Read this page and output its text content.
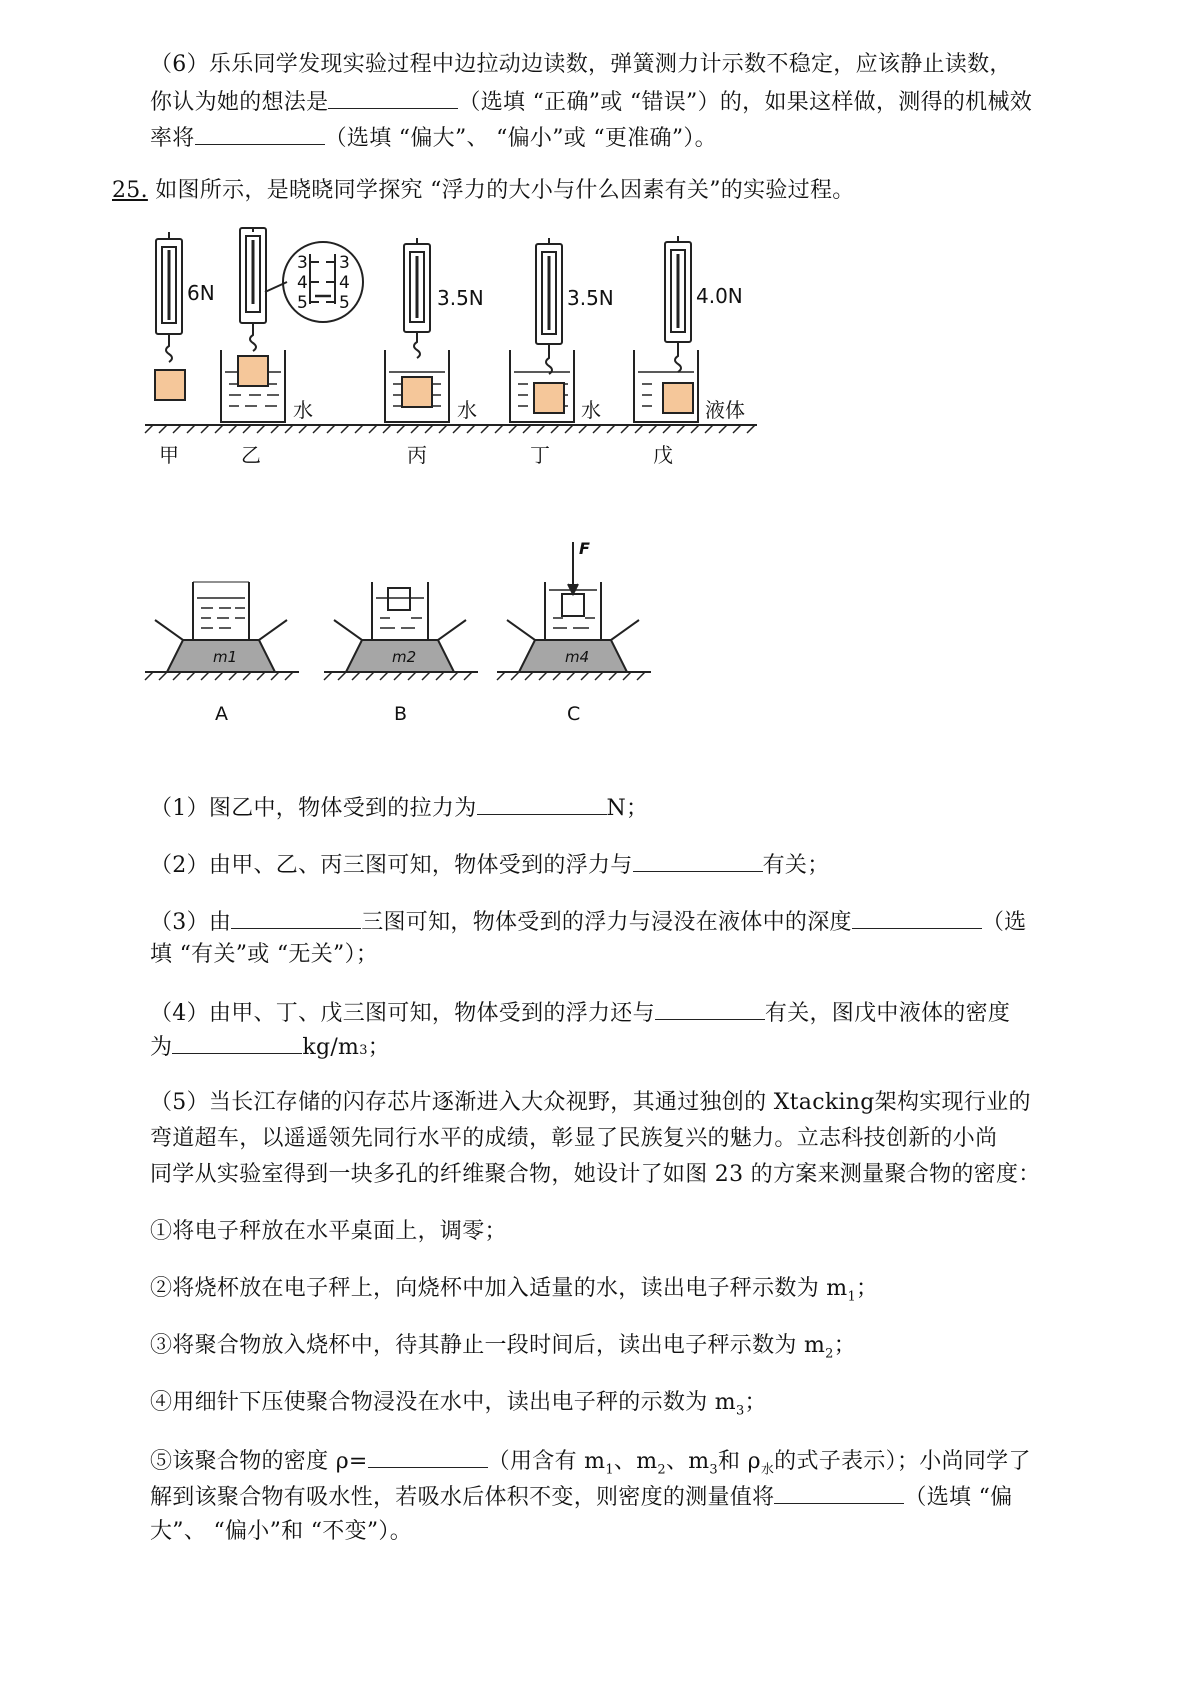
（6）乐乐同学发现实验过程中边拉动边读数，弹簧测力计示数不稳定，应该静止读数，
你认为她的想法是	（选填 “正确”或 “错误”）的，如果这样做，测得的机械效
率将	（选填 “偏大”、 “偏小”或 “更准确”）。
25. 如图所示，是晓晓同学探究 “浮力的大小与什么因素有关”的实验过程。
6N	3.5N	3.5N	4.0N
水	水	水	液体
甲	乙	丙	丁	戊
3
4
5
3
4
5
m1	m2	m4
F
A	B	C
（1）图乙中，物体受到的拉力为	N；
（2）由甲、乙、丙三图可知，物体受到的浮力与	有关；
（3）由	三图可知，物体受到的浮力与浸没在液体中的深度	（选
填 “有关”或 “无关”）；
（4）由甲、丁、戊三图可知，物体受到的浮力还与	有关，图戊中液体的密度
为	kg/m3；
（5）当长江存储的闪存芯片逐渐进入大众视野，其通过独创的 Xtacking架构实现行业的
弯道超车，以遥遥领先同行水平的成绩，彰显了民族复兴的魅力。立志科技创新的小尚
同学从实验室得到一块多孔的纤维聚合物，她设计了如图 23 的方案来测量聚合物的密度：
①将电子秤放在水平桌面上，调零；
②将烧杯放在电子秤上，向烧杯中加入适量的水，读出电子秤示数为 $m_1$；
③将聚合物放入烧杯中，待其静止一段时间后，读出电子秤示数为 $m_2$；
④用细针下压使聚合物浸没在水中，读出电子秤的示数为 $m_3$；
⑤该聚合物的密度 ρ=	（用含有 $m_1$、$m_2$、$m_3$和 $\rho_水$的式子表示）；小尚同学了
解到该聚合物有吸水性，若吸水后体积不变，则密度的测量值将	（选填 “偏
大”、 “偏小”和 “不变”）。
